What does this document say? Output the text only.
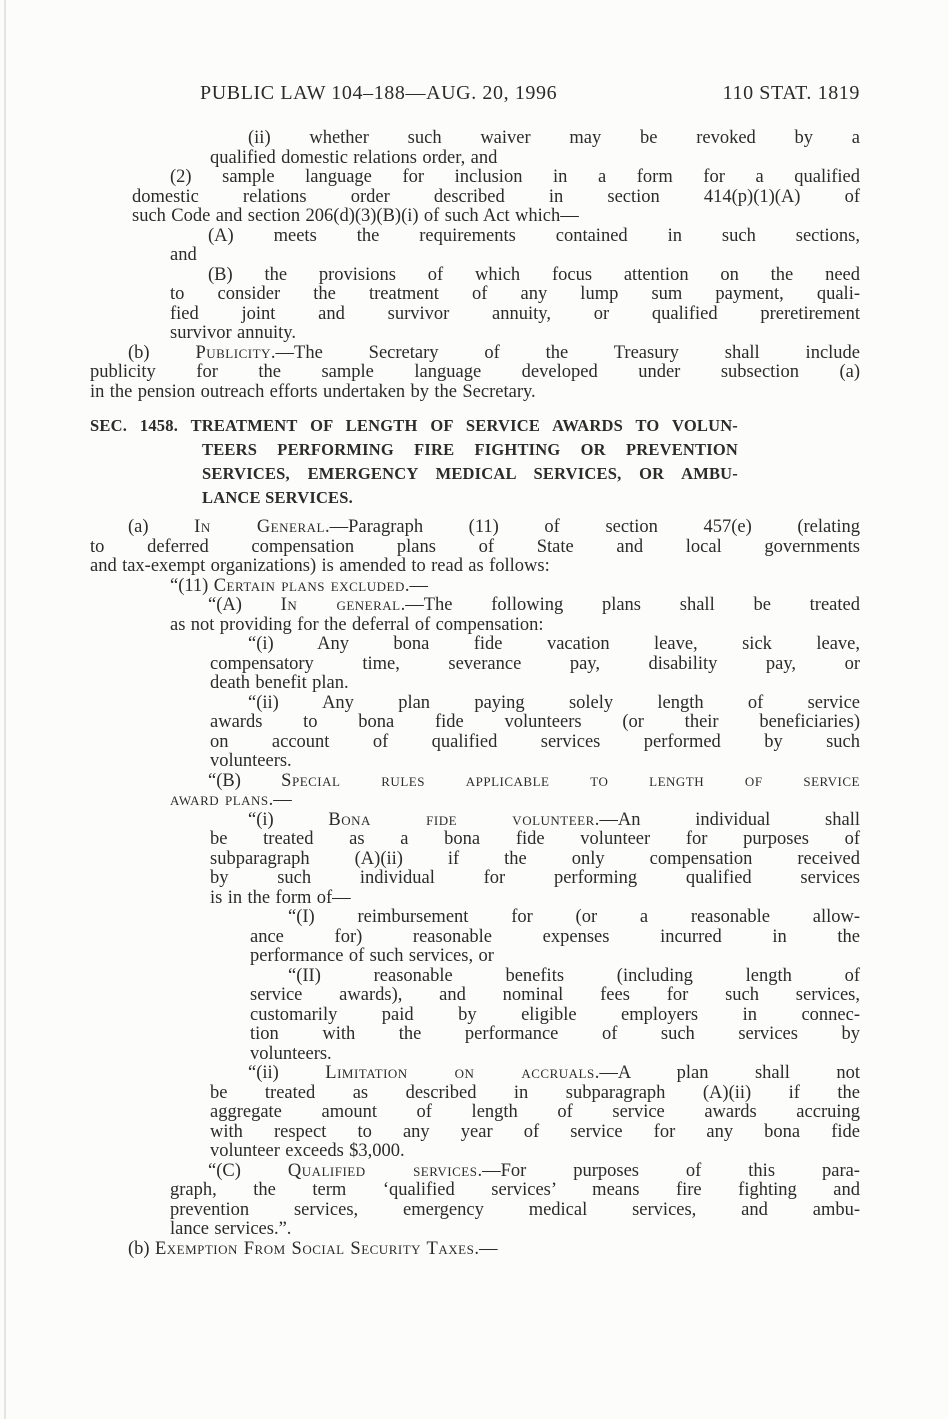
PUBLIC LAW 104–188—AUG. 20, 1996	110 STAT. 1819
(ii) whether such waiver may be revoked by a
qualified domestic relations order, and
(2) sample language for inclusion in a form for a qualified
domestic relations order described in section 414(p)(1)(A) of
such Code and section 206(d)(3)(B)(i) of such Act which—
(A) meets the requirements contained in such sections,
and
(B) the provisions of which focus attention on the need
to consider the treatment of any lump sum payment, quali-
fied joint and survivor annuity, or qualified preretirement
survivor annuity.
(b) Publicity.—The Secretary of the Treasury shall include
publicity for the sample language developed under subsection (a)
in the pension outreach efforts undertaken by the Secretary.
SEC. 1458. TREATMENT OF LENGTH OF SERVICE AWARDS TO VOLUN-
TEERS PERFORMING FIRE FIGHTING OR PREVENTION
SERVICES, EMERGENCY MEDICAL SERVICES, OR AMBU-
LANCE SERVICES.
(a) In General.—Paragraph (11) of section 457(e) (relating
to deferred compensation plans of State and local governments
and tax-exempt organizations) is amended to read as follows:
“(11) Certain plans excluded.—
“(A) In general.—The following plans shall be treated
as not providing for the deferral of compensation:
“(i) Any bona fide vacation leave, sick leave,
compensatory time, severance pay, disability pay, or
death benefit plan.
“(ii) Any plan paying solely length of service
awards to bona fide volunteers (or their beneficiaries)
on account of qualified services performed by such
volunteers.
“(B) Special rules applicable to length of service
award plans.—
“(i) Bona fide volunteer.—An individual shall
be treated as a bona fide volunteer for purposes of
subparagraph (A)(ii) if the only compensation received
by such individual for performing qualified services
is in the form of—
“(I) reimbursement for (or a reasonable allow-
ance for) reasonable expenses incurred in the
performance of such services, or
“(II) reasonable benefits (including length of
service awards), and nominal fees for such services,
customarily paid by eligible employers in connec-
tion with the performance of such services by
volunteers.
“(ii) Limitation on accruals.—A plan shall not
be treated as described in subparagraph (A)(ii) if the
aggregate amount of length of service awards accruing
with respect to any year of service for any bona fide
volunteer exceeds $3,000.
“(C) Qualified services.—For purposes of this para-
graph, the term ‘qualified services’ means fire fighting and
prevention services, emergency medical services, and ambu-
lance services.”.
(b) Exemption From Social Security Taxes.—
